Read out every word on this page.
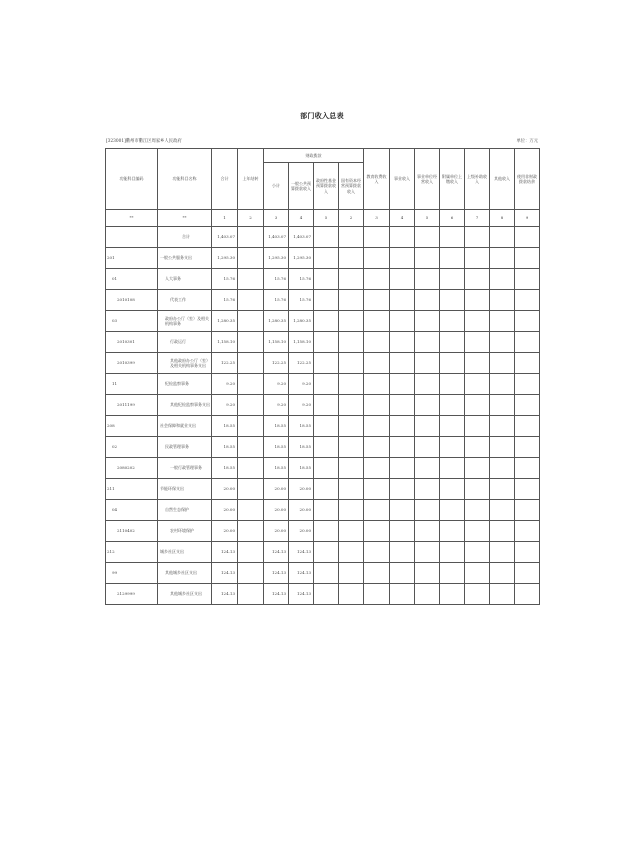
部门收入总表
[323001]衢州市衢江区周家乡人民政府	单位：万元
功能科目编码	功能科目名称	合计	上年结转	财政拨款				教育收费收入	事业收入	事业单位经营收入	附属单位上缴收入	上级补助收入	其他收入	使用非财政拨款结余
				小计	一般公共预算拨款收入	政府性基金预算拨款收入	国有资本经营预算拨款收入							
**	**	1	2	3	4	5	2	3	4	5	6	7	8	9
	合计	1,403.07		1,403.07	1,403.07									
201	一般公共服务支出	1,295.30		1,295.30	1,295.30									
01	人大事务	15.76		15.76	15.76									
2010108	代表工作	15.76		15.76	15.76									
03	政府办公厅（室）及相关机构事务	1,280.35		1,280.35	1,280.35									
2010301	行政运行	1,158.10		1,158.10	1,158.10									
2010399	其他政府办公厅（室）及相关机构事务支出	122.25		122.25	122.25									
11	纪检监察事务	9.20		9.20	9.20									
2011199	其他纪检监察事务支出	9.20		9.20	9.20									
208	社会保障和就业支出	18.55		18.55	18.55									
02	民政管理事务	18.55		18.55	18.55									
2080202	一般行政管理事务	18.55		18.55	18.55									
211	节能环保支出	20.00		20.00	20.00									
04	自然生态保护	20.00		20.00	20.00									
2110402	农村环境保护	20.00		20.00	20.00									
212	城乡社区支出	124.13		124.13	124.13									
99	其他城乡社区支出	124.13		124.13	124.13									
2129999	其他城乡社区支出	124.13		124.13	124.13									
